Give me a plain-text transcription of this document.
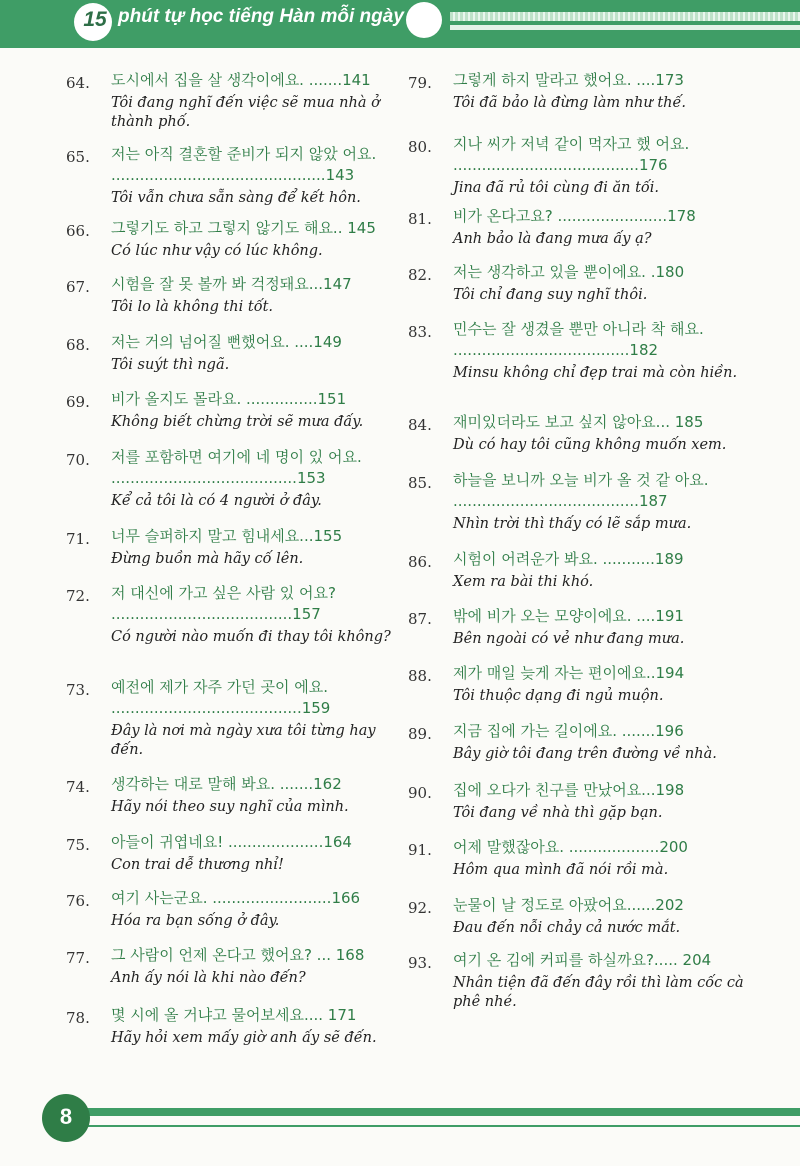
15 phút tự học tiếng Hàn mỗi ngày
64.	도시에서 집을 살 생각이에요. .......141
Tôi đang nghĩ đến việc sẽ mua nhà ở thành phố.
65.	저는 아직 결혼할 준비가 되지 않았 어요. .............................................143
Tôi vẫn chưa sẵn sàng để kết hôn.
66.	그렇기도 하고 그렇지 않기도 해요.. 145
Có lúc như vậy có lúc không.
67.	시험을 잘 못 볼까 봐 걱정돼요...147
Tôi lo là không thi tốt.
68.	저는 거의 넘어질 뻔했어요. ....149
Tôi suýt thì ngã.
69.	비가 올지도 몰라요. ...............151
Không biết chừng trời sẽ mưa đấy.
70.	저를 포함하면 여기에 네 명이 있 어요. .......................................153
Kể cả tôi là có 4 người ở đây.
71.	너무 슬퍼하지 말고 힘내세요...155
Đừng buồn mà hãy cố lên.
72.	저 대신에 가고 싶은 사람 있 어요? ......................................157
Có người nào muốn đi thay tôi không?
73.	예전에 제가 자주 가던 곳이 에요. ........................................159
Đây là nơi mà ngày xưa tôi từng hay đến.
74.	생각하는 대로 말해 봐요. .......162
Hãy nói theo suy nghĩ của mình.
75.	아들이 귀엽네요! ....................164
Con trai dễ thương nhỉ!
76.	여기 사는군요. .........................166
Hóa ra bạn sống ở đây.
77.	그 사람이 언제 온다고 했어요? ... 168
Anh ấy nói là khi nào đến?
78.	몇 시에 올 거냐고 물어보세요.... 171
Hãy hỏi xem mấy giờ anh ấy sẽ đến.
79.	그렇게 하지 말라고 했어요. ....173
Tôi đã bảo là đừng làm như thế.
80.	지나 씨가 저녁 같이 먹자고 했 어요. .......................................176
Jina đã rủ tôi cùng đi ăn tối.
81.	비가 온다고요? .......................178
Anh bảo là đang mưa ấy ạ?
82.	저는 생각하고 있을 뿐이에요. .180
Tôi chỉ đang suy nghĩ thôi.
83.	민수는 잘 생겼을 뿐만 아니라 착 해요. .....................................182
Minsu không chỉ đẹp trai mà còn hiền.
84.	재미있더라도 보고 싶지 않아요... 185
Dù có hay tôi cũng không muốn xem.
85.	하늘을 보니까 오늘 비가 올 것 같 아요. .......................................187
Nhìn trời thì thấy có lẽ sắp mưa.
86.	시험이 어려운가 봐요. ...........189
Xem ra bài thi khó.
87.	밖에 비가 오는 모양이에요. ....191
Bên ngoài có vẻ như đang mưa.
88.	제가 매일 늦게 자는 편이에요..194
Tôi thuộc dạng đi ngủ muộn.
89.	지금 집에 가는 길이에요. .......196
Bây giờ tôi đang trên đường về nhà.
90.	집에 오다가 친구를 만났어요...198
Tôi đang về nhà thì gặp bạn.
91.	어제 말했잖아요. ...................200
Hôm qua mình đã nói rồi mà.
92.	눈물이 날 정도로 아팠어요......202
Đau đến nỗi chảy cả nước mắt.
93.	여기 온 김에 커피를 하실까요?..... 204
Nhân tiện đã đến đây rồi thì làm cốc cà phê nhé.
8
